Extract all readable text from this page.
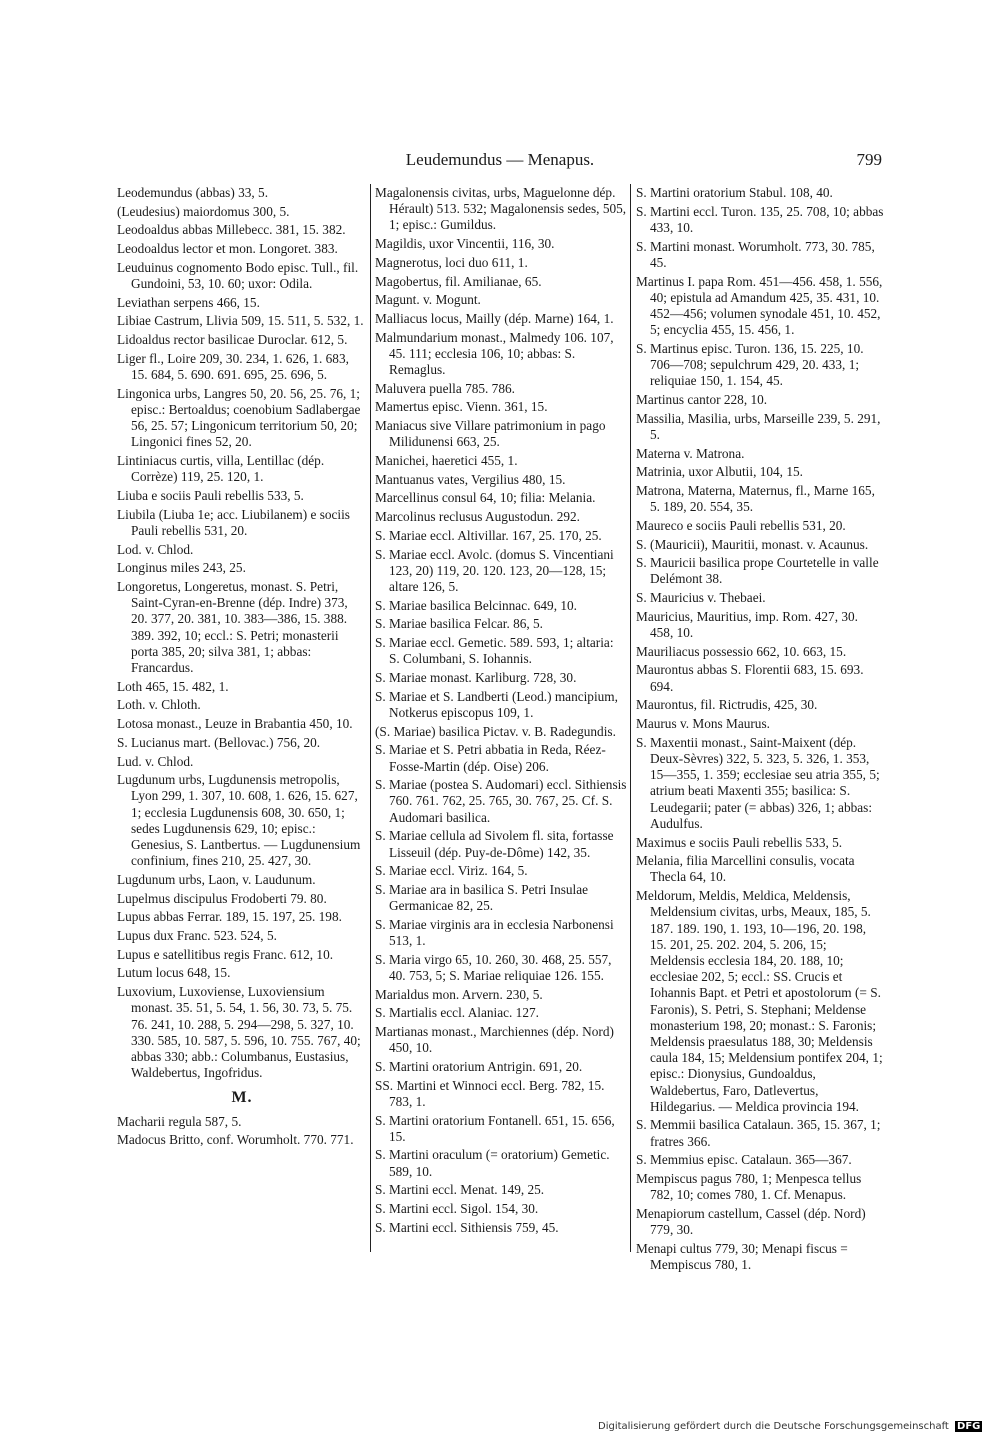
Leudemundus — Menapus.	799
Leodemundus (abbas) 33, 5.
(Leudesius) maiordomus 300, 5.
Leodoaldus abbas Millebecc. 381, 15. 382.
Leodoaldus lector et mon. Longoret. 383.
Leuduinus cognomento Bodo episc. Tull., fil. Gundoini, 53, 10. 60; uxor: Odila.
Leviathan serpens 466, 15.
Libiae Castrum, Llivia 509, 15. 511, 5. 532, 1.
Lidoaldus rector basilicae Duroclar. 612, 5.
Liger fl., Loire 209, 30. 234, 1. 626, 1. 683, 15. 684, 5. 690. 691. 695, 25. 696, 5.
Lingonica urbs, Langres 50, 20. 56, 25. 76, 1; episc.: Bertoaldus; coenobium Sadlabergae 56, 25. 57; Lingonicum territorium 50, 20; Lingonici fines 52, 20.
Lintiniacus curtis, villa, Lentillac (dép. Corrèze) 119, 25. 120, 1.
Liuba e sociis Pauli rebellis 533, 5.
Liubila (Liuba 1e; acc. Liubilanem) e sociis Pauli rebellis 531, 20.
Lod. v. Chlod.
Longinus miles 243, 25.
Longoretus, Longeretus, monast. S. Petri, Saint-Cyran-en-Brenne (dép. Indre) 373, 20. 377, 20. 381, 10. 383—386, 15. 388. 389. 392, 10; eccl.: S. Petri; monasterii porta 385, 20; silva 381, 1; abbas: Francardus.
Loth 465, 15. 482, 1.
Loth. v. Chloth.
Lotosa monast., Leuze in Brabantia 450, 10.
S. Lucianus mart. (Bellovac.) 756, 20.
Lud. v. Chlod.
Lugdunum urbs, Lugdunensis metropolis, Lyon 299, 1. 307, 10. 608, 1. 626, 15. 627, 1; ecclesia Lugdunensis 608, 30. 650, 1; sedes Lugdunensis 629, 10; episc.: Genesius, S. Lantbertus. — Lugdunensium confinium, fines 210, 25. 427, 30.
Lugdunum urbs, Laon, v. Laudunum.
Lupelmus discipulus Frodoberti 79. 80.
Lupus abbas Ferrar. 189, 15. 197, 25. 198.
Lupus dux Franc. 523. 524, 5.
Lupus e satellitibus regis Franc. 612, 10.
Lutum locus 648, 15.
Luxovium, Luxoviense, Luxoviensium monast. 35. 51, 5. 54, 1. 56, 30. 73, 5. 75. 76. 241, 10. 288, 5. 294—298, 5. 327, 10. 330. 585, 10. 587, 5. 596, 10. 755. 767, 40; abbas 330; abb.: Columbanus, Eustasius, Waldebertus, Ingofridus.
M.
Macharii regula 587, 5.
Madocus Britto, conf. Worumholt. 770. 771.
Magalonensis civitas, urbs, Maguelonne dép. Hérault) 513. 532; Magalonensis sedes, 505, 1; episc.: Gumildus.
Magildis, uxor Vincentii, 116, 30.
Magnerotus, loci duo 611, 1.
Magobertus, fil. Amilianae, 65.
Magunt. v. Mogunt.
Malliacus locus, Mailly (dép. Marne) 164, 1.
Malmundarium monast., Malmedy 106. 107, 45. 111; ecclesia 106, 10; abbas: S. Remaglus.
Maluvera puella 785. 786.
Mamertus episc. Vienn. 361, 15.
Maniacus sive Villare patrimonium in pago Milidunensi 663, 25.
Manichei, haeretici 455, 1.
Mantuanus vates, Vergilius 480, 15.
Marcellinus consul 64, 10; filia: Melania.
Marcolinus reclusus Augustodun. 292.
S. Mariae eccl. Altivillar. 167, 25. 170, 25.
S. Mariae eccl. Avolc. (domus S. Vincentiani 123, 20) 119, 20. 120. 123, 20—128, 15; altare 126, 5.
S. Mariae basilica Belcinnac. 649, 10.
S. Mariae basilica Felcar. 86, 5.
S. Mariae eccl. Gemetic. 589. 593, 1; altaria: S. Columbani, S. Iohannis.
S. Mariae monast. Karliburg. 728, 30.
S. Mariae et S. Landberti (Leod.) mancipium, Notkerus episcopus 109, 1.
(S. Mariae) basilica Pictav. v. B. Radegundis.
S. Mariae et S. Petri abbatia in Reda, Réez-Fosse-Martin (dép. Oise) 206.
S. Mariae (postea S. Audomari) eccl. Sithiensis 760. 761. 762, 25. 765, 30. 767, 25. Cf. S. Audomari basilica.
S. Mariae cellula ad Sivolem fl. sita, fortasse Lisseuil (dép. Puy-de-Dôme) 142, 35.
S. Mariae eccl. Viriz. 164, 5.
S. Mariae ara in basilica S. Petri Insulae Germanicae 82, 25.
S. Mariae virginis ara in ecclesia Narbonensi 513, 1.
S. Maria virgo 65, 10. 260, 30. 468, 25. 557, 40. 753, 5; S. Mariae reliquiae 126. 155.
Marialdus mon. Arvern. 230, 5.
S. Martialis eccl. Alaniac. 127.
Martianas monast., Marchiennes (dép. Nord) 450, 10.
S. Martini oratorium Antrigin. 691, 20.
SS. Martini et Winnoci eccl. Berg. 782, 15. 783, 1.
S. Martini oratorium Fontanell. 651, 15. 656, 15.
S. Martini oraculum (= oratorium) Gemetic. 589, 10.
S. Martini eccl. Menat. 149, 25.
S. Martini eccl. Sigol. 154, 30.
S. Martini eccl. Sithiensis 759, 45.
S. Martini oratorium Stabul. 108, 40.
S. Martini eccl. Turon. 135, 25. 708, 10; abbas 433, 10.
S. Martini monast. Worumholt. 773, 30. 785, 45.
Martinus I. papa Rom. 451—456. 458, 1. 556, 40; epistula ad Amandum 425, 35. 431, 10. 452—456; volumen synodale 451, 10. 452, 5; encyclia 455, 15. 456, 1.
S. Martinus episc. Turon. 136, 15. 225, 10. 706—708; sepulchrum 429, 20. 433, 1; reliquiae 150, 1. 154, 45.
Martinus cantor 228, 10.
Massilia, Masilia, urbs, Marseille 239, 5. 291, 5.
Materna v. Matrona.
Matrinia, uxor Albutii, 104, 15.
Matrona, Materna, Maternus, fl., Marne 165, 5. 189, 20. 554, 35.
Maureco e sociis Pauli rebellis 531, 20.
S. (Mauricii), Mauritii, monast. v. Acaunus.
S. Mauricii basilica prope Courtetelle in valle Delémont 38.
S. Mauricius v. Thebaei.
Mauricius, Mauritius, imp. Rom. 427, 30. 458, 10.
Mauriliacus possessio 662, 10. 663, 15.
Maurontus abbas S. Florentii 683, 15. 693. 694.
Maurontus, fil. Rictrudis, 425, 30.
Maurus v. Mons Maurus.
S. Maxentii monast., Saint-Maixent (dép. Deux-Sèvres) 322, 5. 323, 5. 326, 1. 353, 15—355, 1. 359; ecclesiae seu atria 355, 5; atrium beati Maxenti 355; basilica: S. Leudegarii; pater (= abbas) 326, 1; abbas: Audulfus.
Maximus e sociis Pauli rebellis 533, 5.
Melania, filia Marcellini consulis, vocata Thecla 64, 10.
Meldorum, Meldis, Meldica, Meldensis, Meldensium civitas, urbs, Meaux, 185, 5. 187. 189. 190, 1. 193, 10—196, 20. 198, 15. 201, 25. 202. 204, 5. 206, 15; Meldensis ecclesia 184, 20. 188, 10; ecclesiae 202, 5; eccl.: SS. Crucis et Iohannis Bapt. et Petri et apostolorum (= S. Faronis), S. Petri, S. Stephani; Meldense monasterium 198, 20; monast.: S. Faronis; Meldensis praesulatus 188, 30; Meldensis caula 184, 15; Meldensium pontifex 204, 1; episc.: Dionysius, Gundoaldus, Waldebertus, Faro, Datlevertus, Hildegarius. — Meldica provincia 194.
S. Memmii basilica Catalaun. 365, 15. 367, 1; fratres 366.
S. Memmius episc. Catalaun. 365—367.
Mempiscus pagus 780, 1; Menpesca tellus 782, 10; comes 780, 1. Cf. Menapus.
Menapiorum castellum, Cassel (dép. Nord) 779, 30.
Menapi cultus 779, 30; Menapi fiscus = Mempiscus 780, 1.
Digitalisierung gefördert durch die Deutsche Forschungsgemeinschaft DFG
